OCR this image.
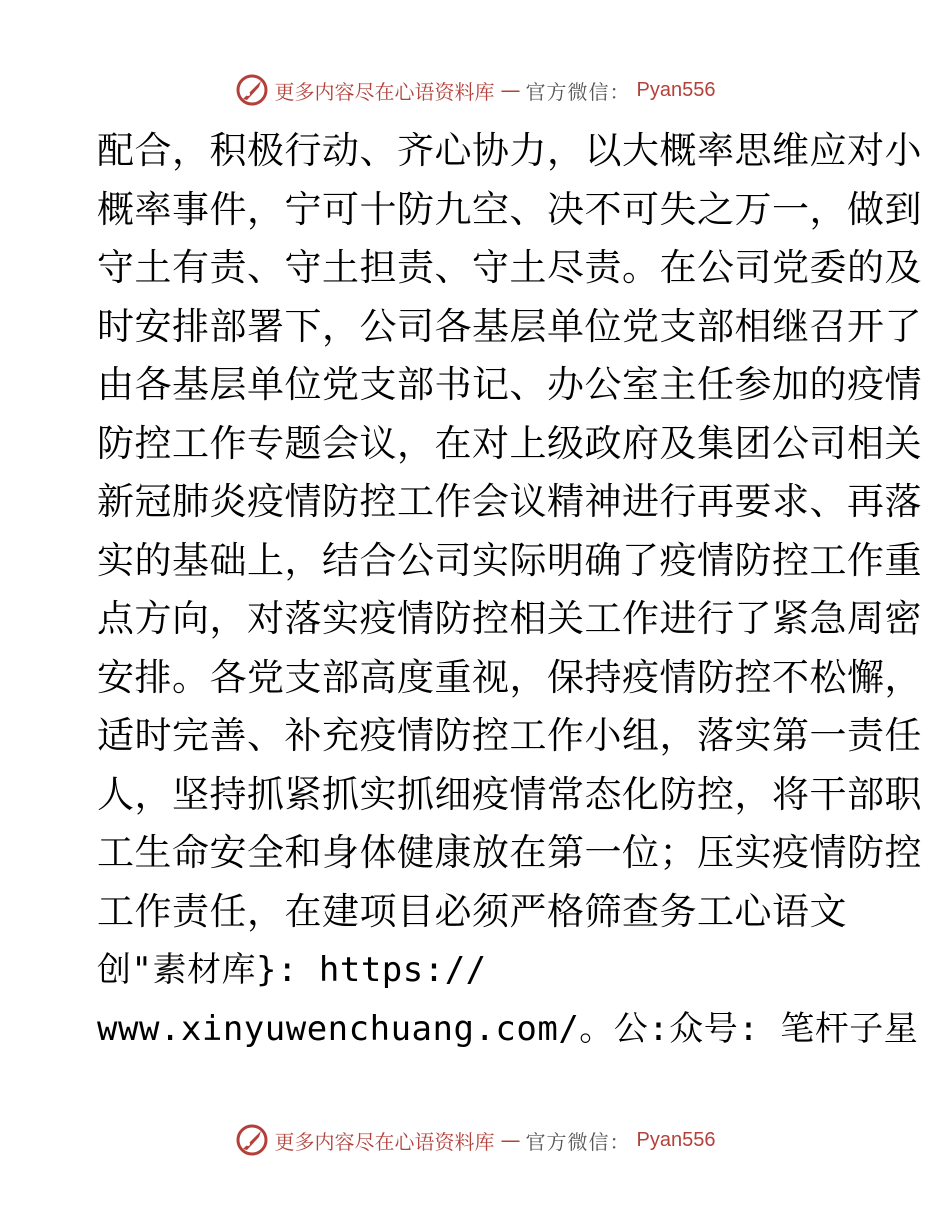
更多内容尽在心语资料库 — 官方微信： Pyan556
配合，积极行动、齐心协力，以大概率思维应对小
概率事件，宁可十防九空、决不可失之万一，做到
守土有责、守土担责、守土尽责。在公司党委的及
时安排部署下，公司各基层单位党支部相继召开了
由各基层单位党支部书记、办公室主任参加的疫情
防控工作专题会议，在对上级政府及集团公司相关
新冠肺炎疫情防控工作会议精神进行再要求、再落
实的基础上，结合公司实际明确了疫情防控工作重
点方向，对落实疫情防控相关工作进行了紧急周密
安排。各党支部高度重视，保持疫情防控不松懈，
适时完善、补充疫情防控工作小组，落实第一责任
人，坚持抓紧抓实抓细疫情常态化防控，将干部职
工生命安全和身体健康放在第一位；压实疫情防控
工作责任，在建项目必须严格筛查务工心语文
创"素材库}: https://
www.xinyuwenchuang.com/。公:众号: 笔杆子星
更多内容尽在心语资料库 — 官方微信： Pyan556
